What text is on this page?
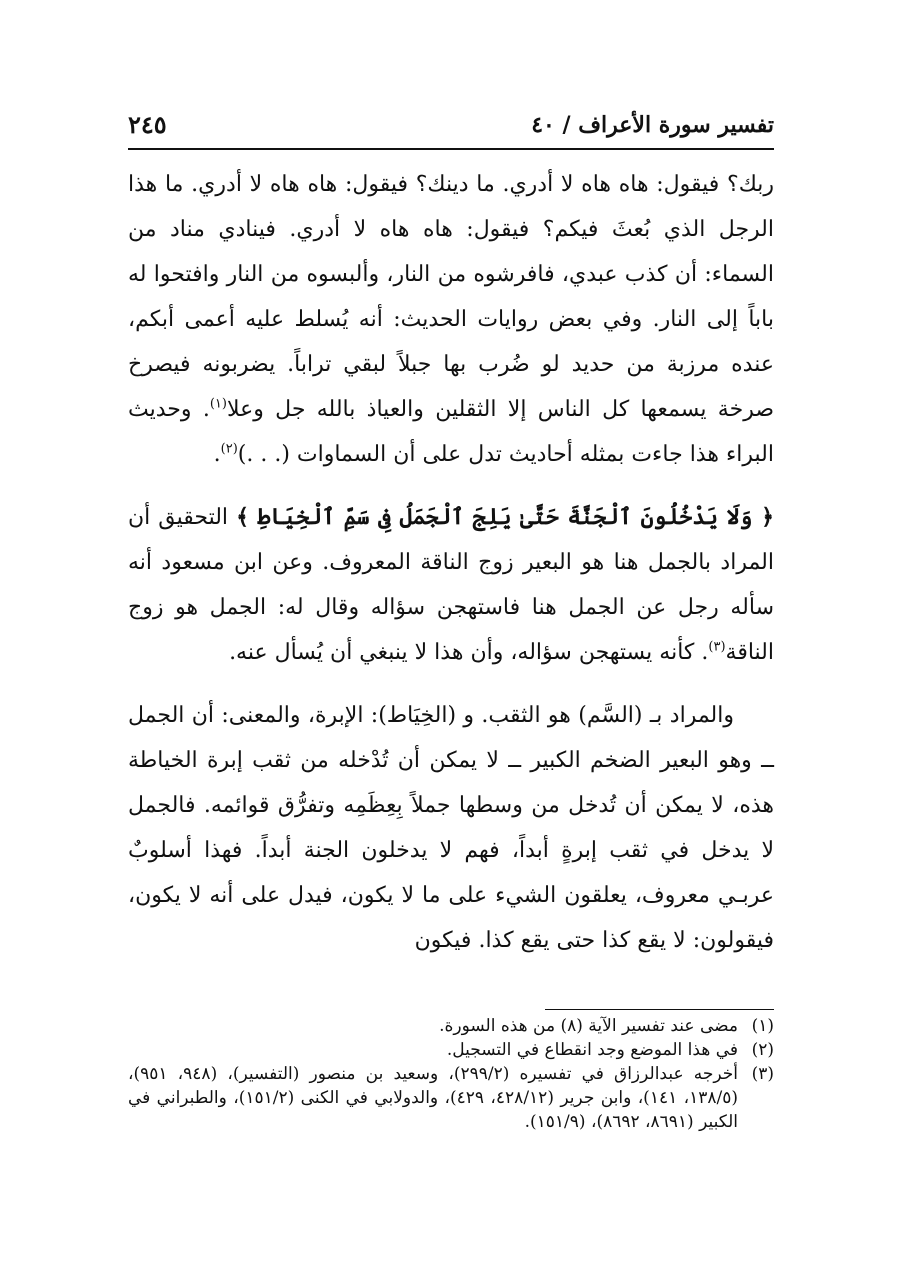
تفسير سورة الأعراف / ٤٠
٢٤٥

ربك؟ فيقول: هاه هاه لا أدري. ما دينك؟ فيقول: هاه هاه لا أدري. ما هذا الرجل الذي بُعثَ فيكم؟ فيقول: هاه هاه لا أدري. فينادي مناد من السماء: أن كذب عبدي، فافرشوه من النار، وألبسوه من النار وافتحوا له باباً إلى النار. وفي بعض روايات الحديث: أنه يُسلط عليه أعمى أبكم، عنده مرزبة من حديد لو ضُرب بها جبلاً لبقي تراباً. يضربونه فيصرخ صرخة يسمعها كل الناس إلا الثقلين والعياذ بالله جل وعلا$^{(١)}$. وحديث البراء هذا جاءت بمثله أحاديث تدل على أن السماوات (. . .)$^{(٢)}$.

﴿ وَلَا يَدْخُلُونَ ٱلْجَنَّةَ حَتَّىٰ يَلِجَ ٱلْجَمَلُ فِى سَمِّ ٱلْخِيَاطِ ﴾ التحقيق أن المراد بالجمل هنا هو البعير زوج الناقة المعروف. وعن ابن مسعود أنه سأله رجل عن الجمل هنا فاستهجن سؤاله وقال له: الجمل هو زوج الناقة$^{(٣)}$. كأنه يستهجن سؤاله، وأن هذا لا ينبغي أن يُسأل عنه.

والمراد بـ (السَّم) هو الثقب. و (الخِيَاط): الإبرة، والمعنى: أن الجمل ــ وهو البعير الضخم الكبير ــ لا يمكن أن تُدْخله من ثقب إبرة الخياطة هذه، لا يمكن أن تُدخل من وسطها جملاً بِعِظَمِه وتفرُّق قوائمه. فالجمل لا يدخل في ثقب إبرةٍ أبداً، فهم لا يدخلون الجنة أبداً. فهذا أسلوبٌ عربـي معروف، يعلقون الشيء على ما لا يكون، فيدل على أنه لا يكون، فيقولون: لا يقع كذا حتى يقع كذا. فيكون

(١)
مضى عند تفسير الآية (٨) من هذه السورة.

(٢)
في هذا الموضع وجد انقطاع في التسجيل.

(٣)
أخرجه عبدالرزاق في تفسيره (٢٩٩/٢)، وسعيد بن منصور (التفسير)، (٩٤٨، ٩٥١)، (١٣٨/٥، ١٤١)، وابن جرير (٤٢٨/١٢، ٤٢٩)، والدولابي في الكنى (١٥١/٢)، والطبراني في الكبير (٨٦٩١، ٨٦٩٢)، (١٥١/٩).
